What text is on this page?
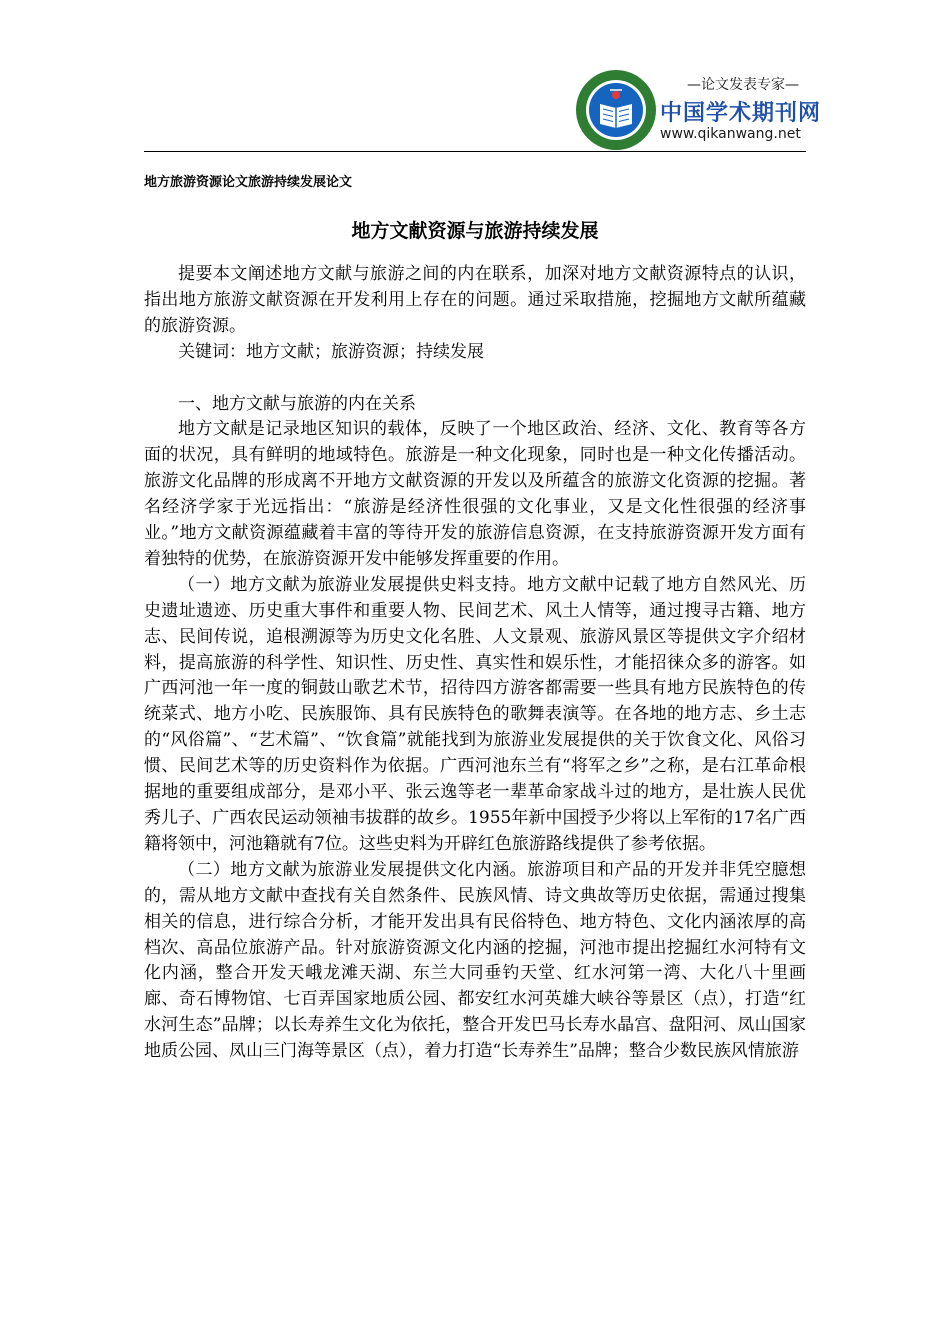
—论文发表专家—
中国学术期刊网
www.qikanwang.net
地方旅游资源论文旅游持续发展论文
地方文献资源与旅游持续发展

提要本文阐述地方文献与旅游之间的内在联系，加深对地方文献资源特点的认识，指出地方旅游文献资源在开发利用上存在的问题。通过采取措施，挖掘地方文献所蕴藏的旅游资源。

关键词：地方文献；旅游资源；持续发展

一、地方文献与旅游的内在关系

地方文献是记录地区知识的载体，反映了一个地区政治、经济、文化、教育等各方面的状况，具有鲜明的地域特色。旅游是一种文化现象，同时也是一种文化传播活动。旅游文化品牌的形成离不开地方文献资源的开发以及所蕴含的旅游文化资源的挖掘。著名经济学家于光远指出：“旅游是经济性很强的文化事业，又是文化性很强的经济事业。”地方文献资源蕴藏着丰富的等待开发的旅游信息资源，在支持旅游资源开发方面有着独特的优势，在旅游资源开发中能够发挥重要的作用。

（一）地方文献为旅游业发展提供史料支持。地方文献中记载了地方自然风光、历史遗址遗迹、历史重大事件和重要人物、民间艺术、风土人情等，通过搜寻古籍、地方志、民间传说，追根溯源等为历史文化名胜、人文景观、旅游风景区等提供文字介绍材料，提高旅游的科学性、知识性、历史性、真实性和娱乐性，才能招徕众多的游客。如广西河池一年一度的铜鼓山歌艺术节，招待四方游客都需要一些具有地方民族特色的传统菜式、地方小吃、民族服饰、具有民族特色的歌舞表演等。在各地的地方志、乡土志的“风俗篇”、“艺术篇”、“饮食篇”就能找到为旅游业发展提供的关于饮食文化、风俗习惯、民间艺术等的历史资料作为依据。广西河池东兰有“将军之乡”之称，是右江革命根据地的重要组成部分，是邓小平、张云逸等老一辈革命家战斗过的地方，是壮族人民优秀儿子、广西农民运动领袖韦拔群的故乡。1955年新中国授予少将以上军衔的17名广西籍将领中，河池籍就有7位。这些史料为开辟红色旅游路线提供了参考依据。

（二）地方文献为旅游业发展提供文化内涵。旅游项目和产品的开发并非凭空臆想的，需从地方文献中查找有关自然条件、民族风情、诗文典故等历史依据，需通过搜集相关的信息，进行综合分析，才能开发出具有民俗特色、地方特色、文化内涵浓厚的高档次、高品位旅游产品。针对旅游资源文化内涵的挖掘，河池市提出挖掘红水河特有文化内涵，整合开发天峨龙滩天湖、东兰大同垂钓天堂、红水河第一湾、大化八十里画廊、奇石博物馆、七百弄国家地质公园、都安红水河英雄大峡谷等景区（点），打造“红水河生态”品牌；以长寿养生文化为依托，整合开发巴马长寿水晶宫、盘阳河、凤山国家地质公园、凤山三门海等景区（点），着力打造“长寿养生”品牌；整合少数民族风情旅游
